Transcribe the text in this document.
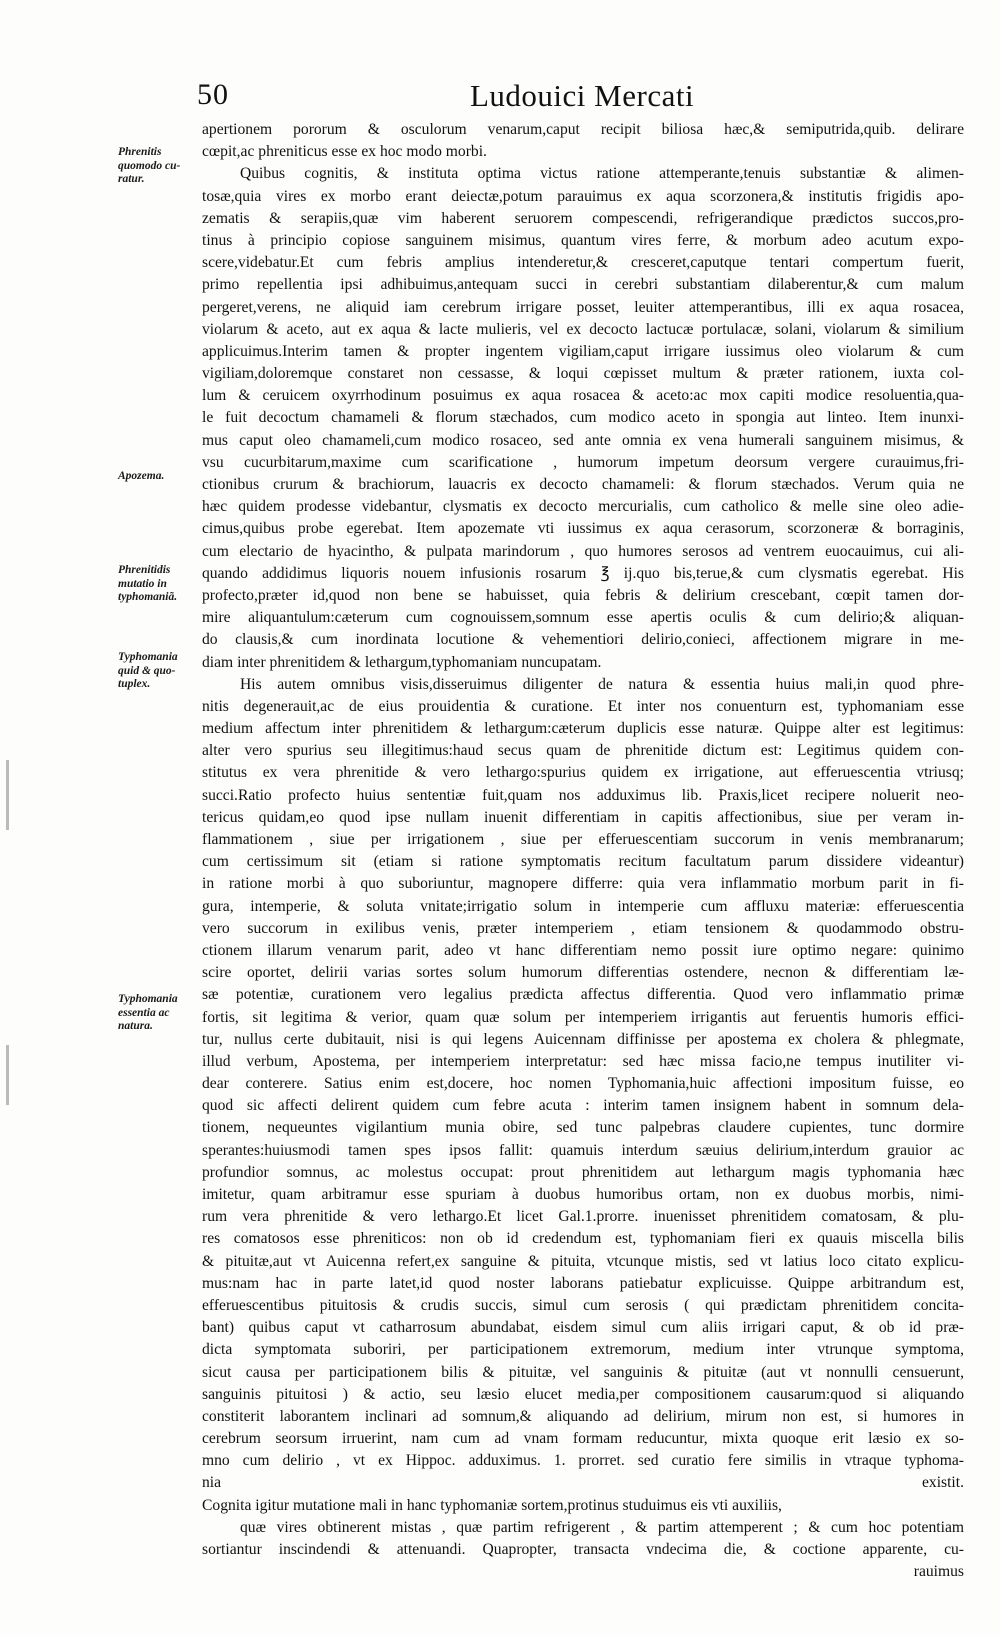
50	Ludouici Mercati
Phrenitis
quomodo cu-
ratur.
Apozema.
Phrenitidis
mutatio in
typhomaniã.
Typhomania
quid & quo-
tuplex.
Typhomania
essentia ac
natura.
apertionem pororum & osculorum venarum,caput recipit biliosa hæc,& semiputrida,quib. delirare
cœpit,ac phreniticus esse ex hoc modo morbi.
Quibus cognitis, & instituta optima victus ratione attemperante,tenuis substantiæ & alimen-
tosæ,quia vires ex morbo erant deiectæ,potum parauimus ex aqua scorzonera,& institutis frigidis apo-
zematis & serapiis,quæ vim haberent seruorem compescendi, refrigerandique prædictos succos,pro-
tinus à principio copiose sanguinem misimus, quantum vires ferre, & morbum adeo acutum expo-
scere,videbatur.Et cum febris amplius intenderetur,& cresceret,caputque tentari compertum fuerit,
primo repellentia ipsi adhibuimus,antequam succi in cerebri substantiam dilaberentur,& cum malum
pergeret,verens, ne aliquid iam cerebrum irrigare posset, leuiter attemperantibus, illi ex aqua rosacea,
violarum & aceto, aut ex aqua & lacte mulieris, vel ex decocto lactucæ portulacæ, solani, violarum & similium
applicuimus.Interim tamen & propter ingentem vigiliam,caput irrigare iussimus oleo violarum & cum
vigiliam,doloremque constaret non cessasse, & loqui cœpisset multum & præter rationem, iuxta col-
lum & ceruicem oxyrrhodinum posuimus ex aqua rosacea & aceto:ac mox capiti modice resoluentia,qua-
le fuit decoctum chamameli & florum stæchados, cum modico aceto in spongia aut linteo. Item inunxi-
mus caput oleo chamameli,cum modico rosaceo, sed ante omnia ex vena humerali sanguinem misimus, &
vsu cucurbitarum,maxime cum scarificatione , humorum impetum deorsum vergere curauimus,fri-
ctionibus crurum & brachiorum, lauacris ex decocto chamameli: & florum stæchados. Verum quia ne
hæc quidem prodesse videbantur, clysmatis ex decocto mercurialis, cum catholico & melle sine oleo adie-
cimus,quibus probe egerebat. Item apozemate vti iussimus ex aqua cerasorum, scorzoneræ & borraginis,
cum electario de hyacintho, & pulpata marindorum , quo humores serosos ad ventrem euocauimus, cui ali-
quando addidimus liquoris nouem infusionis rosarum ℥ ij.quo bis,terue,& cum clysmatis egerebat. His
profecto,præter id,quod non bene se habuisset, quia febris & delirium crescebant, cœpit tamen dor-
mire aliquantulum:cæterum cum cognouissem,somnum esse apertis oculis & cum delirio;& aliquan-
do clausis,& cum inordinata locutione & vehementiori delirio,conieci, affectionem migrare in me-
diam inter phrenitidem & lethargum,typhomaniam nuncupatam.
His autem omnibus visis,disseruimus diligenter de natura & essentia huius mali,in quod phre-
nitis degenerauit,ac de eius prouidentia & curatione. Et inter nos conuenturn est, typhomaniam esse
medium affectum inter phrenitidem & lethargum:cæterum duplicis esse naturæ. Quippe alter est legitimus:
alter vero spurius seu illegitimus:haud secus quam de phrenitide dictum est: Legitimus quidem con-
stitutus ex vera phrenitide & vero lethargo:spurius quidem ex irrigatione, aut efferuescentia vtriusq;
succi.Ratio profecto huius sententiæ fuit,quam nos adduximus lib. Praxis,licet recipere noluerit neo-
tericus quidam,eo quod ipse nullam inuenit differentiam in capitis affectionibus, siue per veram in-
flammationem , siue per irrigationem , siue per efferuescentiam succorum in venis membranarum;
cum certissimum sit (etiam si ratione symptomatis recitum facultatum parum dissidere videantur)
in ratione morbi à quo suboriuntur, magnopere differre: quia vera inflammatio morbum parit in fi-
gura, intemperie, & soluta vnitate;irrigatio solum in intemperie cum affluxu materiæ: efferuescentia
vero succorum in exilibus venis, præter intemperiem , etiam tensionem & quodammodo obstru-
ctionem illarum venarum parit, adeo vt hanc differentiam nemo possit iure optimo negare: quinimo
scire oportet, delirii varias sortes solum humorum differentias ostendere, necnon & differentiam læ-
sæ potentiæ, curationem vero legalius prædicta affectus differentia. Quod vero inflammatio primæ
fortis, sit legitima & verior, quam quæ solum per intemperiem irrigantis aut feruentis humoris effici-
tur, nullus certe dubitauit, nisi is qui legens Auicennam diffinisse per apostema ex cholera & phlegmate,
illud verbum, Apostema, per intemperiem interpretatur: sed hæc missa facio,ne tempus inutiliter vi-
dear conterere. Satius enim est,docere, hoc nomen Typhomania,huic affectioni impositum fuisse, eo
quod sic affecti delirent quidem cum febre acuta : interim tamen insignem habent in somnum dela-
tionem, nequeuntes vigilantium munia obire, sed tunc palpebras claudere cupientes, tunc dormire
sperantes:huiusmodi tamen spes ipsos fallit: quamuis interdum sæuius delirium,interdum grauior ac
profundior somnus, ac molestus occupat: prout phrenitidem aut lethargum magis typhomania hæc
imitetur, quam arbitramur esse spuriam à duobus humoribus ortam, non ex duobus morbis, nimi-
rum vera phrenitide & vero lethargo.Et licet Gal.1.prorre. inuenisset phrenitidem comatosam, & plu-
res comatosos esse phreniticos: non ob id credendum est, typhomaniam fieri ex quauis miscella bilis
& pituitæ,aut vt Auicenna refert,ex sanguine & pituita, vtcunque mistis, sed vt latius loco citato explicu-
mus:nam hac in parte latet,id quod noster laborans patiebatur explicuisse. Quippe arbitrandum est,
efferuescentibus pituitosis & crudis succis, simul cum serosis ( qui prædictam phrenitidem concita-
bant) quibus caput vt catharrosum abundabat, eisdem simul cum aliis irrigari caput, & ob id præ-
dicta symptomata suboriri, per participationem extremorum, medium inter vtrunque symptoma,
sicut causa per participationem bilis & pituitæ, vel sanguinis & pituitæ (aut vt nonnulli censuerunt,
sanguinis pituitosi ) & actio, seu læsio elucet media,per compositionem causarum:quod si aliquando
constiterit laborantem inclinari ad somnum,& aliquando ad delirium, mirum non est, si humores in
cerebrum seorsum irruerint, nam cum ad vnam formam reducuntur, mixta quoque erit læsio ex so-
mno cum delirio , vt ex Hippoc. adduximus. 1. prorret. sed curatio fere similis in vtraque typhoma-
nia existit.
Cognita igitur mutatione mali in hanc typhomaniæ sortem,protinus studuimus eis vti auxiliis,
quæ vires obtinerent mistas , quæ partim refrigerent , & partim attemperent ; & cum hoc potentiam
sortiantur inscindendi & attenuandi. Quapropter, transacta vndecima die, & coctione apparente, cu-
rauimus
